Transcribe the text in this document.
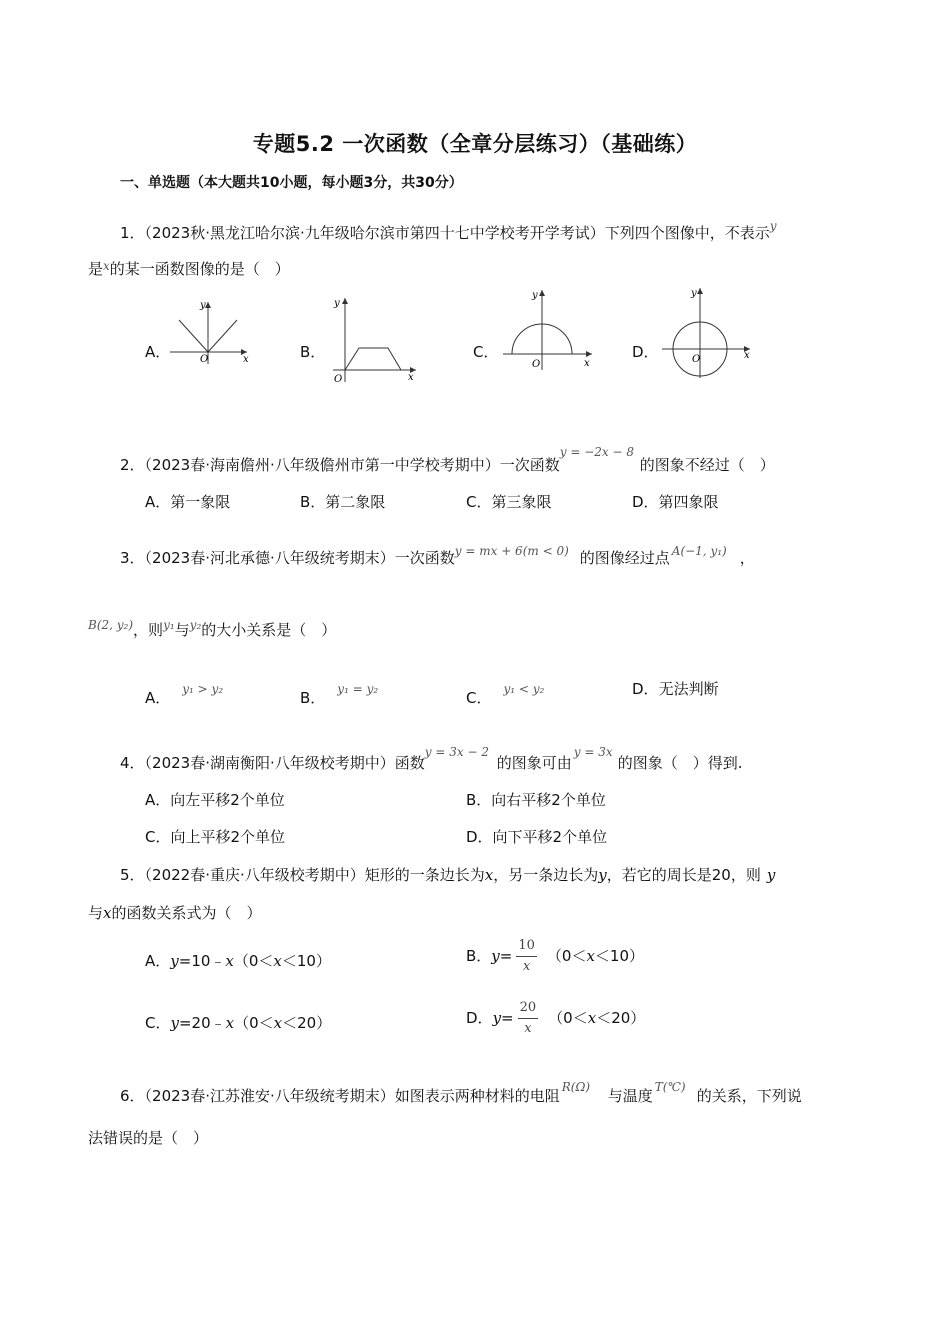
专题5.2 一次函数（全章分层练习）（基础练）
一、单选题（本大题共10小题，每小题3分，共30分）
1．（2023秋·黑龙江哈尔滨·九年级哈尔滨市第四十七中学校考开学考试）下列四个图像中，不表示$^y$
是$^x$的某一函数图像的是（　）
A．	B．	C．	D．
y
x
O
y
x
O
y
x
O
y
x
O
2．（2023春·海南儋州·八年级儋州市第一中学校考期中）一次函数y = −2x − 8的图象不经过（　）
A．第一象限	B．第二象限	C．第三象限	D．第四象限
3．（2023春·河北承德·八年级统考期末）一次函数y = mx + 6(m < 0) 的图像经过点 A(−1, y₁) ，
$^{B(2, y_2)}$，则$^{y_1}$与$^{y_2}$的大小关系是（　）
A． $^{y_1 > y_2}$	B． $^{y_1 = y_2}$	C． $^{y_1 < y_2}$	D．无法判断
4．（2023春·湖南衡阳·八年级校考期中）函数y = 3x − 2的图象可由y = 3x的图象（　）得到.
A．向左平移2个单位	B．向右平移2个单位
C．向上平移2个单位	D．向下平移2个单位
5．（2022春·重庆·八年级校考期中）矩形的一条边长为x，另一条边长为y，若它的周长是20，则 y
与x的函数关系式为（　）
A．y=10﹣x（0＜x＜10）	B．$y= \frac{10}{x} (0<x<10)$
C．y=20﹣x（0＜x＜20）	D．$y= \frac{20}{x} (0<x<20)$
6．（2023春·江苏淮安·八年级统考期末）如图表示两种材料的电阻 R(Ω) 与温度 T(℃) 的关系，下列说
法错误的是（　）
